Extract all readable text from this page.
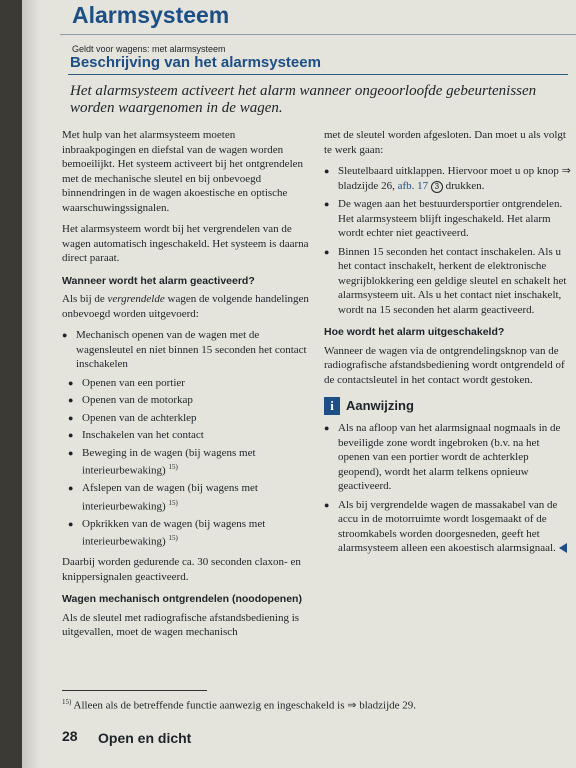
Alarmsysteem
Geldt voor wagens: met alarmsysteem
Beschrijving van het alarmsysteem
Het alarmsysteem activeert het alarm wanneer ongeoorloofde gebeurtenissen worden waargenomen in de wagen.

Met hulp van het alarmsysteem moeten inbraakpogingen en diefstal van de wagen worden bemoeilijkt. Het systeem activeert bij het ontgrendelen met de mechanische sleutel en bij onbevoegd binnendringen in de wagen akoestische en optische waarschuwingssignalen.

Het alarmsysteem wordt bij het vergrendelen van de wagen automatisch ingeschakeld. Het systeem is daarna direct paraat.

Wanneer wordt het alarm geactiveerd?

Als bij de vergrendelde wagen de volgende handelingen onbevoegd worden uitgevoerd:

● Mechanisch openen van de wagen met de wagensleutel en niet binnen 15 seconden het contact inschakelen
● Openen van een portier
● Openen van de motorkap
● Openen van de achterklep
● Inschakelen van het contact
● Beweging in de wagen (bij wagens met interieurbewaking) $^{15)}$
● Afslepen van de wagen (bij wagens met interieurbewaking) $^{15)}$
● Opkrikken van de wagen (bij wagens met interieurbewaking) $^{15)}$

Daarbij worden gedurende ca. 30 seconden claxon- en knippersignalen geactiveerd.

Wagen mechanisch ontgrendelen (noodopenen)

Als de sleutel met radiografische afstandsbediening is uitgevallen, moet de wagen mechanisch

met de sleutel worden afgesloten. Dan moet u als volgt te werk gaan:

● Sleutelbaard uitklappen. Hiervoor moet u op knop ⇒ bladzijde 26, afb. 17 3 drukken.
● De wagen aan het bestuurdersportier ontgrendelen. Het alarmsysteem blijft ingeschakeld. Het alarm wordt echter niet geactiveerd.
● Binnen 15 seconden het contact inschakelen. Als u het contact inschakelt, herkent de elektronische wegrijblokkering een geldige sleutel en schakelt het alarmsysteem uit. Als u het contact niet inschakelt, wordt na 15 seconden het alarm geactiveerd.
Hoe wordt het alarm uitgeschakeld?

Wanneer de wagen via de ontgrendelingsknop van de radiografische afstandsbediening wordt ontgrendeld of de contactsleutel in het contact wordt gestoken.

i Aanwijzing
● Als na afloop van het alarmsignaal nogmaals in de beveiligde zone wordt ingebroken (b.v. na het openen van een portier wordt de achterklep geopend), wordt het alarm telkens opnieuw geactiveerd.
● Als bij vergrendelde wagen de massakabel van de accu in de motorruimte wordt losgemaakt of de stroomkabels worden doorgesneden, geeft het alarmsysteem alleen een akoestisch alarmsignaal.
$^{15)}$ Alleen als de betreffende functie aanwezig en ingeschakeld is ⇒ bladzijde 29.
28 Open en dicht
